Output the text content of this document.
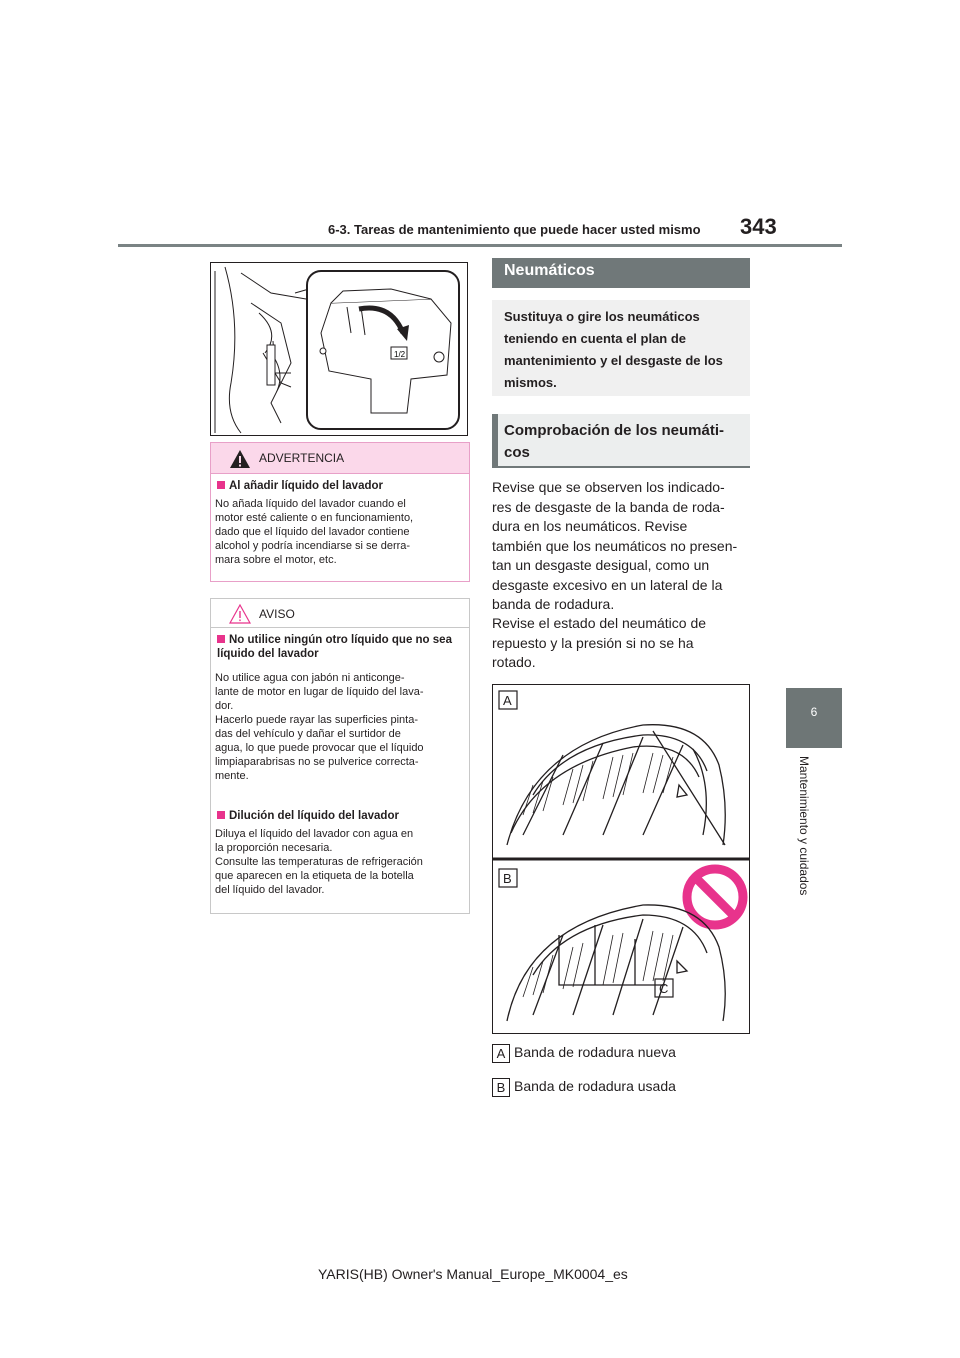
6-3. Tareas de mantenimiento que puede hacer usted mismo 343
6
Mantenimiento y cuidados
1/2
ADVERTENCIA
Al añadir líquido del lavador
No añada líquido del lavador cuando el
motor esté caliente o en funcionamiento,
dado que el líquido del lavador contiene
alcohol y podría incendiarse si se derra-
mara sobre el motor, etc.
AVISO
No utilice ningún otro líquido que no sea líquido del lavador
No utilice agua con jabón ni anticonge-
lante de motor en lugar de líquido del lava-
dor.
Hacerlo puede rayar las superficies pinta-
das del vehículo y dañar el surtidor de
agua, lo que puede provocar que el líquido
limpiaparabrisas no se pulverice correcta-
mente.
Dilución del líquido del lavador
Diluya el líquido del lavador con agua en
la proporción necesaria.
Consulte las temperaturas de refrigeración
que aparecen en la etiqueta de la botella
del líquido del lavador.
Neumáticos
Sustituya o gire los neumáticos teniendo en cuenta el plan de mantenimiento y el desgaste de los mismos.
Comprobación de los neumáti-
cos
Revise que se observen los indicado-
res de desgaste de la banda de roda-
dura en los neumáticos. Revise
también que los neumáticos no presen-
tan un desgaste desigual, como un
desgaste excesivo en un lateral de la
banda de rodadura.
Revise el estado del neumático de
repuesto y la presión si no se ha
rotado.
A
B
C
A Banda de rodadura nueva
B Banda de rodadura usada
YARIS(HB) Owner's Manual_Europe_MK0004_es
